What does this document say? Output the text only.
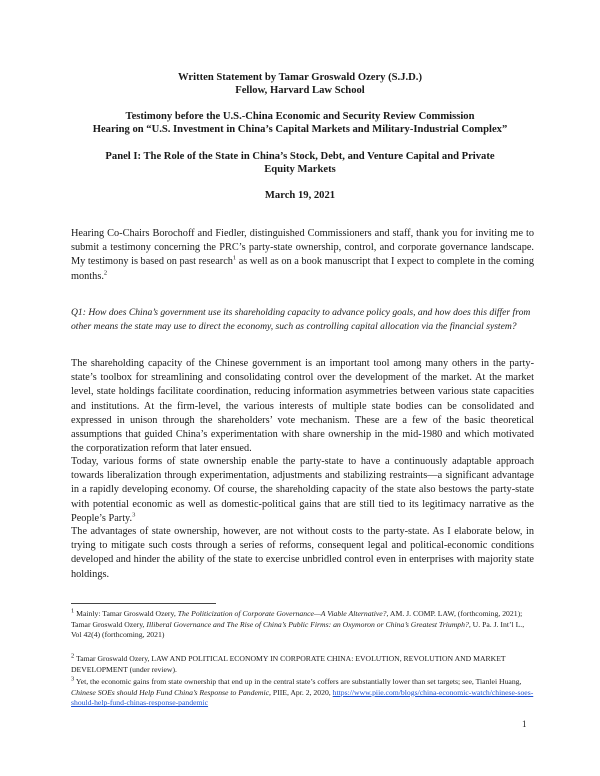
Written Statement by Tamar Groswald Ozery (S.J.D.)
Fellow, Harvard Law School
Testimony before the U.S.-China Economic and Security Review Commission
Hearing on “U.S. Investment in China’s Capital Markets and Military-Industrial Complex”
Panel I: The Role of the State in China’s Stock, Debt, and Venture Capital and Private
Equity Markets
March 19, 2021
Hearing Co-Chairs Borochoff and Fiedler, distinguished Commissioners and staff, thank you for inviting me to submit a testimony concerning the PRC’s party-state ownership, control, and corporate governance landscape. My testimony is based on past research$^1$ as well as on a book manuscript that I expect to complete in the coming months.$^2$
Q1: How does China’s government use its shareholding capacity to advance policy goals, and how does this differ from other means the state may use to direct the economy, such as controlling capital allocation via the financial system?
The shareholding capacity of the Chinese government is an important tool among many others in the party-state’s toolbox for streamlining and consolidating control over the development of the market. At the market level, state holdings facilitate coordination, reducing information asymmetries between various state capacities and institutions. At the firm-level, the various interests of multiple state bodies can be consolidated and expressed in unison through the shareholders’ vote mechanism. These are a few of the basic theoretical assumptions that guided China’s experimentation with share ownership in the mid-1980 and which motivated the corporatization reform that later ensued.
Today, various forms of state ownership enable the party-state to have a continuously adaptable approach towards liberalization through experimentation, adjustments and stabilizing restraints—a significant advantage in a rapidly developing economy. Of course, the shareholding capacity of the state also bestows the party-state with potential economic as well as domestic-political gains that are still tied to its legitimacy narrative as the People’s Party.$^3$
The advantages of state ownership, however, are not without costs to the party-state. As I elaborate below, in trying to mitigate such costs through a series of reforms, consequent legal and political-economic conditions developed and hinder the ability of the state to exercise unbridled control even in enterprises with majority state holdings.
$^1$ Mainly: Tamar Groswald Ozery, The Politicization of Corporate Governance—A Viable Alternative?, AM. J. COMP. LAW, (forthcoming, 2021); Tamar Groswald Ozery, Illiberal Governance and The Rise of China’s Public Firms: an Oxymoron or China’s Greatest Triumph?, U. Pa. J. Int’l L., Vol 42(4) (forthcoming, 2021)
$^2$ Tamar Groswald Ozery, LAW AND POLITICAL ECONOMY IN CORPORATE CHINA: EVOLUTION, REVOLUTION AND MARKET DEVELOPMENT (under review).
$^3$ Yet, the economic gains from state ownership that end up in the central state’s coffers are substantially lower than set targets; see, Tianlei Huang, Chinese SOEs should Help Fund China’s Response to Pandemic, PIIE, Apr. 2, 2020, https://www.piie.com/blogs/china-economic-watch/chinese-soes-should-help-fund-chinas-response-pandemic
1
